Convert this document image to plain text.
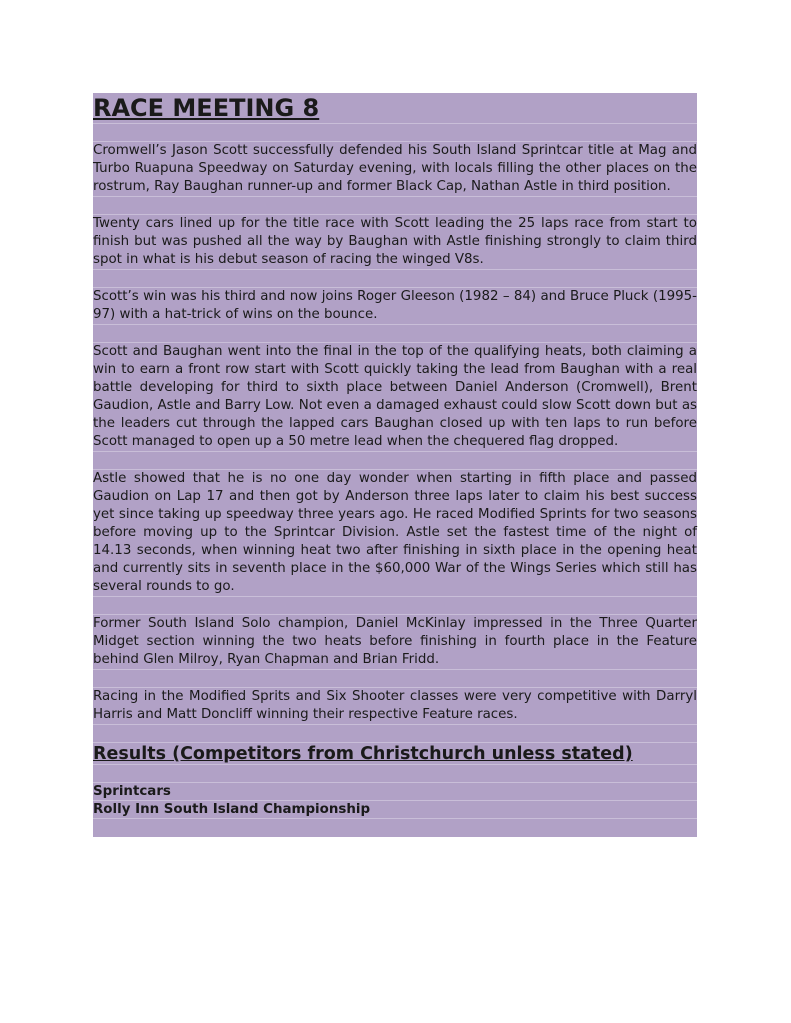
RACE MEETING 8

Cromwell’s Jason Scott successfully defended his South Island Sprintcar title at Mag and Turbo Ruapuna Speedway on Saturday evening, with locals filling the other places on the rostrum, Ray Baughan runner-up and former Black Cap, Nathan Astle in third position.

Twenty cars lined up for the title race with Scott leading the 25 laps race from start to finish but was pushed all the way by Baughan with Astle finishing strongly to claim third spot in what is his debut season of racing the winged V8s.

Scott’s win was his third and now joins Roger Gleeson (1982 – 84) and Bruce Pluck (1995- 97) with a hat-trick of wins on the bounce.

Scott and Baughan went into the final in the top of the qualifying heats, both claiming a win to earn a front row start with Scott quickly taking the lead from Baughan with a real battle developing for third to sixth place between Daniel Anderson (Cromwell), Brent Gaudion, Astle and Barry Low. Not even a damaged exhaust could slow Scott down but as the leaders cut through the lapped cars Baughan closed up with ten laps to run before Scott managed to open up a 50 metre lead when the chequered flag dropped.

Astle showed that he is no one day wonder when starting in fifth place and passed Gaudion on Lap 17 and then got by Anderson three laps later to claim his best success yet since taking up speedway three years ago. He raced Modified Sprints for two seasons before moving up to the Sprintcar Division. Astle set the fastest time of the night of 14.13 seconds, when winning heat two after finishing in sixth place in the opening heat and currently sits in seventh place in the $60,000 War of the Wings Series which still has several rounds to go.

Former South Island Solo champion, Daniel McKinlay impressed in the Three Quarter Midget section winning the two heats before finishing in fourth place in the Feature behind Glen Milroy, Ryan Chapman and Brian Fridd.

Racing in the Modified Sprits and Six Shooter classes were very competitive with Darryl Harris and Matt Doncliff winning their respective Feature races.

Results (Competitors from Christchurch unless stated)
Sprintcars
Rolly Inn South Island Championship
